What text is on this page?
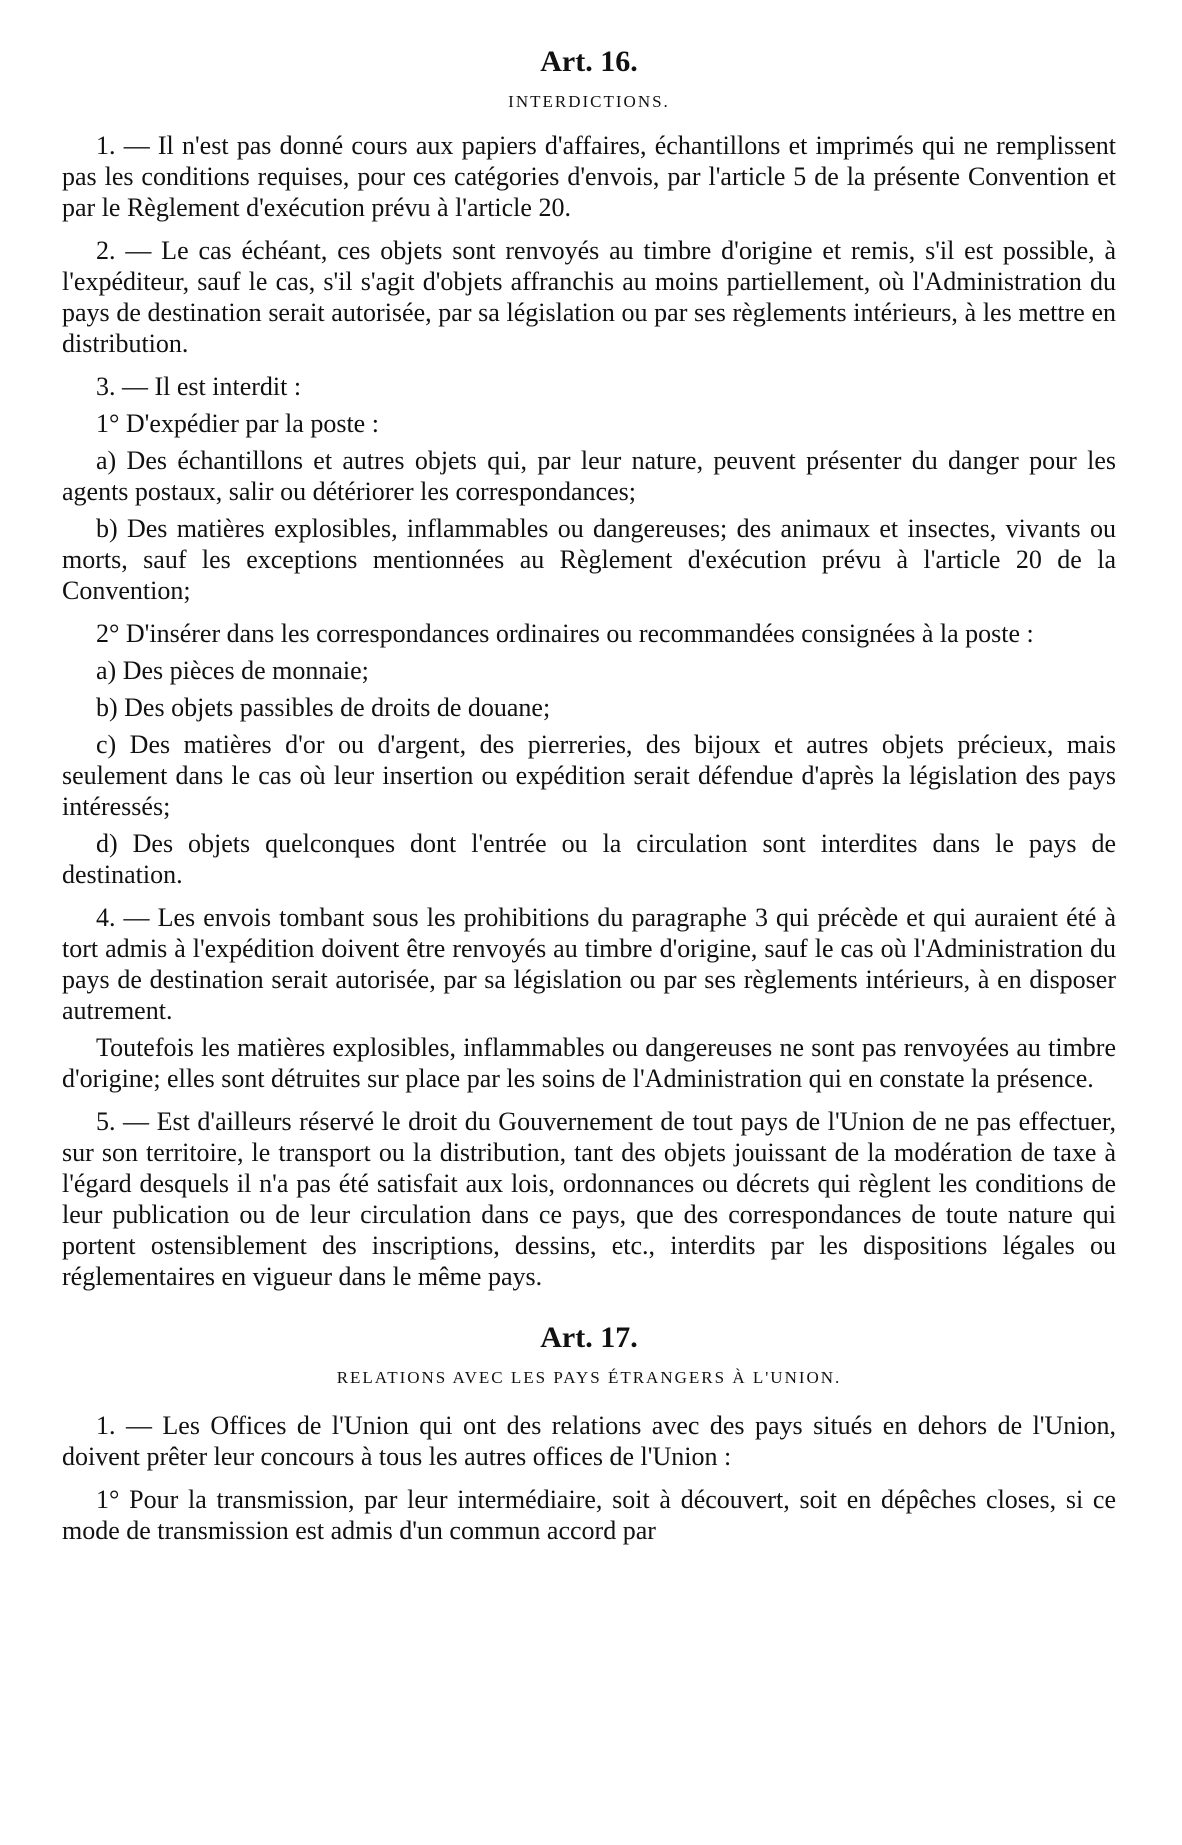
Art. 16.
INTERDICTIONS.

1. — Il n'est pas donné cours aux papiers d'affaires, échantillons et imprimés qui ne remplissent pas les conditions requises, pour ces catégories d'envois, par l'article 5 de la présente Convention et par le Règlement d'exécution prévu à l'article 20.

2. — Le cas échéant, ces objets sont renvoyés au timbre d'origine et remis, s'il est possible, à l'expéditeur, sauf le cas, s'il s'agit d'objets affranchis au moins partiellement, où l'Administration du pays de destination serait autorisée, par sa législation ou par ses règlements intérieurs, à les mettre en distribution.

3. — Il est interdit :

1° D'expédier par la poste :

a) Des échantillons et autres objets qui, par leur nature, peuvent présenter du danger pour les agents postaux, salir ou détériorer les correspondances;

b) Des matières explosibles, inflammables ou dangereuses; des animaux et insectes, vivants ou morts, sauf les exceptions mentionnées au Règlement d'exécution prévu à l'article 20 de la Convention;

2° D'insérer dans les correspondances ordinaires ou recommandées consignées à la poste :

a) Des pièces de monnaie;

b) Des objets passibles de droits de douane;

c) Des matières d'or ou d'argent, des pierreries, des bijoux et autres objets précieux, mais seulement dans le cas où leur insertion ou expédition serait défendue d'après la législation des pays intéressés;

d) Des objets quelconques dont l'entrée ou la circulation sont interdites dans le pays de destination.

4. — Les envois tombant sous les prohibitions du paragraphe 3 qui précède et qui auraient été à tort admis à l'expédition doivent être renvoyés au timbre d'origine, sauf le cas où l'Administration du pays de destination serait autorisée, par sa législation ou par ses règlements intérieurs, à en disposer autrement.

Toutefois les matières explosibles, inflammables ou dangereuses ne sont pas renvoyées au timbre d'origine; elles sont détruites sur place par les soins de l'Administration qui en constate la présence.

5. — Est d'ailleurs réservé le droit du Gouvernement de tout pays de l'Union de ne pas effectuer, sur son territoire, le transport ou la distribution, tant des objets jouissant de la modération de taxe à l'égard desquels il n'a pas été satisfait aux lois, ordonnances ou décrets qui règlent les conditions de leur publication ou de leur circulation dans ce pays, que des correspondances de toute nature qui portent ostensiblement des inscriptions, dessins, etc., interdits par les dispositions légales ou réglementaires en vigueur dans le même pays.

Art. 17.
RELATIONS AVEC LES PAYS ÉTRANGERS À L'UNION.

1. — Les Offices de l'Union qui ont des relations avec des pays situés en dehors de l'Union, doivent prêter leur concours à tous les autres offices de l'Union :

1° Pour la transmission, par leur intermédiaire, soit à découvert, soit en dépêches closes, si ce mode de transmission est admis d'un commun accord par
